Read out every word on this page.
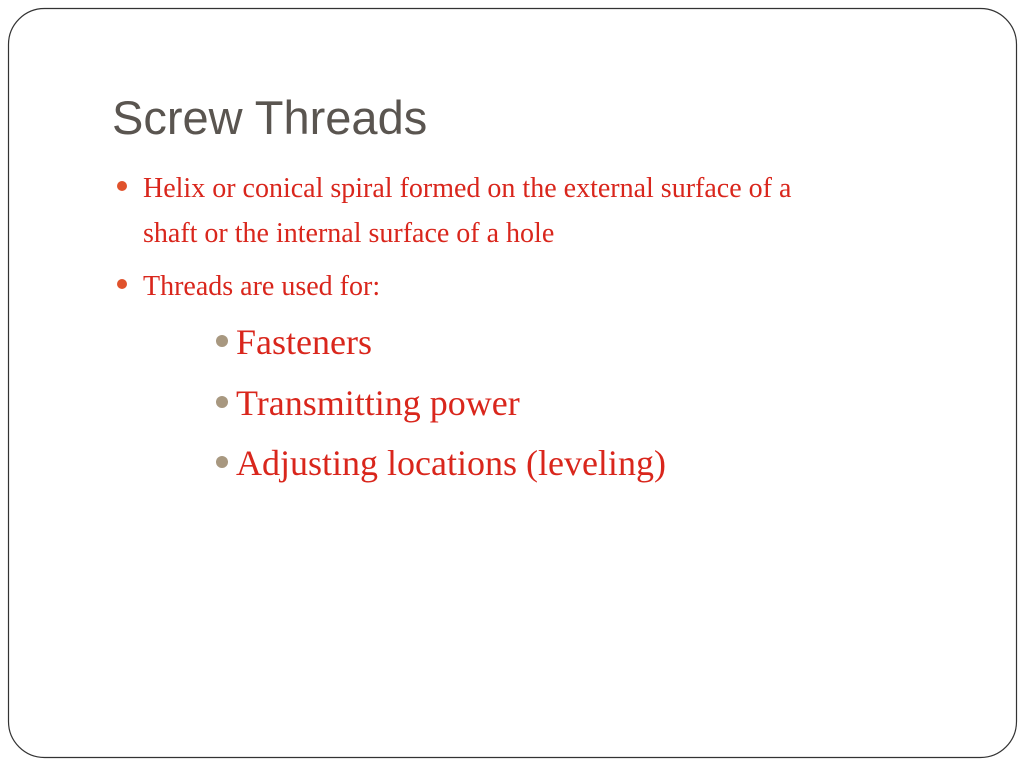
Screw Threads
Helix or conical spiral formed on the external surface of a
shaft or the internal surface of a hole
Threads are used for:
Fasteners
Transmitting power
Adjusting locations (leveling)
